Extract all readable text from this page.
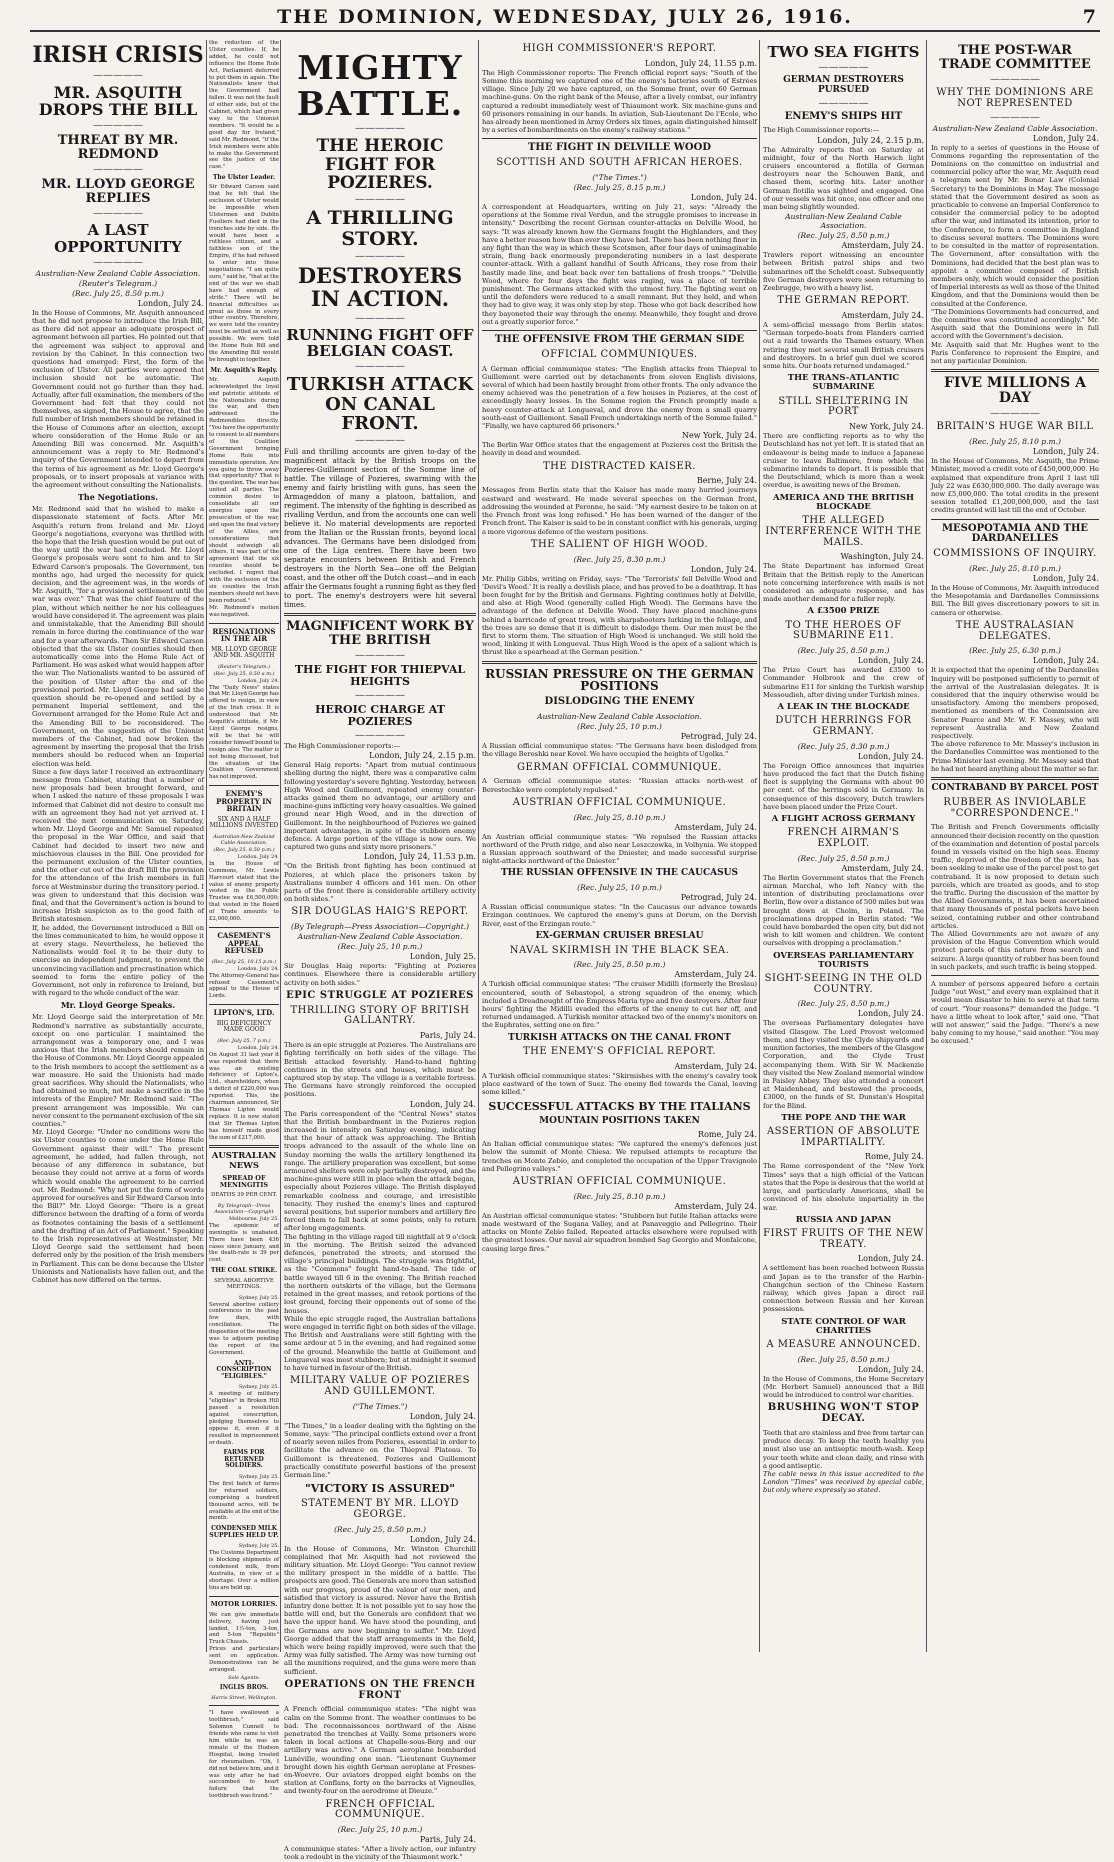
THE DOMINION, WEDNESDAY, JULY 26, 1916.	7
IRISH CRISIS
—————
MR. ASQUITH DROPS THE BILL
—————
THREAT BY MR. REDMOND
—————
MR. LLOYD GEORGE REPLIES
—————
A LAST OPPORTUNITY
—————
Australian-New Zealand Cable Association.
(Reuter's Telegram.)
(Rec. July 25, 8.50 p.m.)
London, July 24.

In the House of Commons, Mr. Asquith announced that he did not propose to introduce the Irish Bill, as there did not appear an adequate prospect of agreement between all parties. He pointed out that the agreement was subject to approval and revision by the Cabinet. In this connection two questions had emerged: First, the form of the exclusion of Ulster. All parties were agreed that inclusion should not be automatic. The Government could not go further than they had. Actually, after full examination, the members of the Government had felt that they could not themselves, as signed, the House to agree, that the full number of Irish members should be retained in the House of Commons after an election, except where consideration of the Home Rule or an Amending Bill was concerned. Mr. Asquith's announcement was a reply to Mr. Redmond's inquiry of the Government intended to depart from the terms of his agreement as Mr. Lloyd George's proposals, or to insert proposals at variance with the agreement without consulting the Nationalists.

The Negotiations.

Mr. Redmond said that he wished to make a dispassionate statement of facts. After Mr. Asquith's return from Ireland and Mr. Lloyd George's negotiations, everyone was thrilled with the hope that the Irish question would be put out of the way until the war had concluded. Mr. Lloyd George's proposals were sent to him and to Sir Edward Carson's proposals. The Government, ten months ago, had urged the necessity for quick decision, and the agreement was, in the words of Mr. Asquith, "for a provisional settlement until the war was over." That was the chief feature of the plan, without which neither he nor his colleagues would have considered it. The agreement was plain and unmistakable, that the Amending Bill should remain in force during the continuance of the war and for a year afterwards. Then Sir Edward Carson objected that the six Ulster counties should then automatically come into the Home Rule Act of Parliament. He was asked what would happen after the war. The Nationalists wanted to be assured of the position of Ulster after the end of the provisional period. Mr. Lloyd George had said the question should be re-opened and settled by a permanent Imperial settlement, and the Government arranged for the Home Rule Act and the Amending Bill to be reconsidered. The Government, on the suggestion of the Unionist members of the Cabinet, had now broken the agreement by inserting the proposal that the Irish members should be reduced when an Imperial election was held.

Since a few days later I received an extraordinary message from Cabinet, stating that a number of new proposals had been brought forward, and when I asked the nature of these proposals I was informed that Cabinet did not desire to consult me with an agreement they had not yet arrived at. I received the next communication on Saturday, when Mr. Lloyd George and Mr. Samuel repeated the proposal in the War Office, and said that Cabinet had decided to insert two new and mischievous clauses in the Bill. One provided for the permanent exclusion of the Ulster counties, and the other cut out of the draft Bill the provision for the attendance of the Irish members in full force at Westminster during the transitory period. I was given to understand that this decision was final, and that the Government's action is bound to increase Irish suspicion as to the good faith of British statesmen.

If, he added, the Government introduced a Bill on the lines communicated to him, he would oppose it at every stage. Nevertheless, he believed the Nationalists would feel it to be their duty to exercise an independent judgment, to prevent the unconvincing vacillation and procrastination which seemed to form the entire policy of the Government, not only in reference to Ireland, but with regard to the whole conduct of the war.

Mr. Lloyd George Speaks.

Mr. Lloyd George said the interpretation of Mr. Redmond's narrative as substantially accurate, except on one particular. I maintained the arrangement was a temporary one, and I was anxious that the Irish members should remain in the House of Commons. Mr. Lloyd George appealed to the Irish members to accept the settlement as a war measure. He said the Unionists had made great sacrifices. Why should the Nationalists, who had obtained so much, not make a sacrifice in the interests of the Empire? Mr. Redmond said: "The present arrangement was impossible. We can never consent to the permanent exclusion of the six counties."

Mr. Lloyd George: "Under no conditions were the six Ulster counties to come under the Home Rule Government against their will." The present agreement, he added, had fallen through, not because of any difference in substance, but because they could not arrive at a form of words which would enable the agreement to be carried out. Mr. Redmond: "Why not put the form of words approved for ourselves and Sir Edward Carson into the Bill?" Mr. Lloyd George: "There is a great difference between the drafting of a form of words as footnotes containing the basis of a settlement and the drafting of an Act of Parliament." Speaking to the Irish representatives at Westminster, Mr. Lloyd George said the settlement had been deferred only by the position of the Irish members in Parliament. This can be done because the Ulster Unionists and Nationalists have fallen out, and the Cabinet has now differed on the terms.

the reduction of the Ulster counties. If, he added, he could not influence the Home Rule Act, Parliament deferred to put them in again. The Nationalists knew that the Government had fallen. It was not the fault of either side, but of the Cabinet, which had given way to the Unionist members. "It would be a good day for Ireland," said Mr. Redmond, "if the Irish members were able to make the Government see the justice of the case."

The Ulster Leader.

Sir Edward Carson said that he felt that the exclusion of Ulster would be impossible when Ulstermen and Dublin Fusiliers had died in the trenches side by side. He would have been a ruthless citizen, and a faithless son of the Empire, if he had refused to enter into these negotiations. "I am quite sure," said he, "that at the end of the war we shall have had enough of strife." There will be financial difficulties as great as those in every other country. Therefore, we were told the country must be settled as well as possible. We were told the Home Rule Bill and the Amending Bill would be brought in together.

Mr. Asquith's Reply.

Mr. Asquith acknowledged the loyal and patriotic attitude of the Nationalists during the war, and then addressed the Redmondites directly. "You have the opportunity to consent to all members of the Coalition Government bringing Home Rule into immediate operation. Are you going to throw away that opportunity? That is the question. The war has united all parties. The common desire to consolidate all our energies upon the prosecution of the war, and upon the final victory of the Allies, are considerations that should outweigh all others. It was part of the agreement that the six counties should be excluded. I regret that with the exclusion of the six counties the Irish members should not have been reduced."

Mr. Redmond's motion was negatived.

RESIGNATIONS IN THE AIR
MR. LLOYD GEORGE AND MR. ASQUITH
(Reuter's Telegram.)
(Rec. July 25, 8.50 a.m.)
London, July 24.

The "Daily News" states that Mr. Lloyd George has offered to resign, in view of the Irish crisis. It is understood that Mr. Asquith's attitude, if Mr. Lloyd George resigns, will be that he will consider himself bound to resign also. The matter is not being discussed, but the situation of the Coalition Government has not improved.

ENEMY'S PROPERTY IN BRITAIN
SIX AND A HALF MILLIONS INVESTED
Australian-New Zealand Cable Association.
(Rec. July 25, 8.50 p.m.)
London, July 24.

In the House of Commons, Mr. Lewis Harcourt stated that the value of enemy property vested in the Public Trustee was £6,500,000; that vested in the Board of Trade amounts to £2,000,000.

CASEMENT'S APPEAL REFUSED
(Rec. July 25, 10.15 p.m.)
London, July 24.

The Attorney-General has refused Casement's appeal to the House of Lords.

LIPTON'S, LTD.
BIG DEFICIENCY MADE GOOD
(Rec. July 25, 7 p.m.)
London, July 24.

On August 31 last year it was reported that there was an existing deficiency of Lipton's, Ltd., shareholders, when a deficit of £220,000 was reported. This, the chairman announced, Sir Thomas Lipton would replace. It is now stated that Sir Thomas Lipton has himself made good the sum of £217,000.

AUSTRALIAN NEWS
SPREAD OF MENINGITIS
DEATHS 39 PER CENT.
By Telegraph—Press Association—Copyright
Melbourne, July 25.

The epidemic of meningitis is unabated. There have been 436 cases since January, and the death-rate is 39 per cent.

THE COAL STRIKE.
SEVERAL ABORTIVE MEETINGS.
Sydney, July 25.

Several abortive colliery conferences in the past few days, with conciliation. The disposition of the meeting was to adjourn pending the report of the Government.

ANTI-CONSCRIPTION "ELIGIBLES."
Sydney, July 25.

A meeting of military "eligibles" in Broken Hill passed a resolution against conscription, pledging themselves to oppose it, even if it resulted in imprisonment or death.

FARMS FOR RETURNED SOLDIERS.
Sydney, July 25.

The first batch of farms for returned soldiers, comprising a hundred thousand acres, will be available at the end of the month.

CONDENSED MILK SUPPLIES HELD UP.
Sydney, July 25.

The Customs Department is blocking shipments of condensed milk, from Australia, in view of a shortage. Over a million tins are held up.

MOTOR LORRIES.

We can give immediate delivery, having just landed, 1½-ton, 3-ton, and 5-ton "Republic" Truck Chassis.

Prices and particulars sent on application. Demonstrations can be arranged.

Sole Agents:
INGLIS BROS.
Harris Street, Wellington.

"I have swallowed a toothbrush," said Solomon Cunnell to friends who came to visit him while he was an inmate of the Hudson Hospital, being treated for rheumatism. "Oh, I did not believe him, and it was only after he had succumbed to heart failure that the toothbrush was found."

MIGHTY BATTLE.
—————
THE HEROIC FIGHT FOR POZIERES.
—————
A THRILLING STORY.
—————
DESTROYERS IN ACTION.
—————
RUNNING FIGHT OFF BELGIAN COAST.
—————
TURKISH ATTACK ON CANAL FRONT.
—————

Full and thrilling accounts are given to-day of the magnificent attack by the British troops on the Pozieres-Guillemont section of the Somme line of battle. The village of Pozieres, swarming with the enemy and fairly bristling with guns, has seen the Armageddon of many a platoon, battalion, and regiment. The intensity of the fighting is described as rivalling Verdun, and from the accounts one can well believe it. No material developments are reported from the Italian or the Russian fronts, beyond local advances. The Germans have been dislodged from one of the Liga centres. There have been two separate encounters between British and French destroyers in the North Sea—one off the Belgian coast, and the other off the Dutch coast—and in each affair the Germans fought a running fight as they fled to port. The enemy's destroyers were hit several times.

MAGNIFICENT WORK BY THE BRITISH
—————
THE FIGHT FOR THIEPVAL HEIGHTS
—————
HEROIC CHARGE AT POZIERES
—————

The High Commissioner reports:—

London, July 24, 2.15 p.m.

General Haig reports: "Apart from mutual continuous shelling during the night, there was a comparative calm following yesterday's severe fighting. Yesterday, between High Wood and Guillemont, repeated enemy counter-attacks gained them no advantage, our artillery and machine-guns inflicting very heavy casualties. We gained ground near High Wood, and in the direction of Guillemont. In the neighbourhood of Pozieres we gained important advantages, in spite of the stubborn enemy defence. A large portion of the village is now ours. We captured two guns and sixty more prisoners."

London, July 24, 11.53 p.m.

"On the British front fighting has been continued at Pozieres, at which place the prisoners taken by Australians number 4 officers and 161 men. On other parts of the front there is considerable artillery activity on both sides."

SIR DOUGLAS HAIG'S REPORT.
(By Telegraph—Press Association—Copyright.)
Australian-New Zealand Cable Association.
(Rec. July 25, 10 p.m.)
London, July 25.

Sir Douglas Haig reports: "Fighting at Pozieres continues. Elsewhere there is considerable artillery activity on both sides."

EPIC STRUGGLE AT POZIERES
THRILLING STORY OF BRITISH GALLANTRY.
Paris, July 24.

There is an epic struggle at Pozieres. The Australians are fighting terrifically on both sides of the village. The British attacked feverishly. Hand-to-hand fighting continues in the streets and houses, which must be captured step by step. The village is a veritable fortress. The Germans have strongly reinforced the occupied positions.

London, July 24.

The Paris correspondent of the "Central News" states that the British bombardment in the Pozieres region increased in intensity on Saturday evening, indicating that the hour of attack was approaching. The British troops advanced to the assault of the whole line on Sunday morning the walls the artillery lengthened its range. The artillery preparation was excellent, but some armoured shelters were only partially destroyed, and the machine-guns were still in place when the attack began, especially about Pozieres village. The British displayed remarkable coolness and courage, and irresistible tenacity. They rushed the enemy's lines and captured several positions, but superior numbers and artillery fire forced them to fall back at some points, only to return after long engagements.

The fighting in the village raged till nightfall at 9 o'clock in the morning. The British seized the advanced defences, penetrated the streets, and stormed the village's principal buildings. The struggle was frightful, as the "Commons" fought hand-to-hand. The tide of battle swayed till 6 in the evening. The British reached the northern outskirts of the village, but the Germans retained in the great masses, and retook portions of the lost ground, forcing their opponents out of some of the houses.

While the epic struggle raged, the Australian battalions were engaged in terrific fight on both sides of the village. The British and Australians were still fighting with the same ardour at 5 in the evening, and had regained some of the ground. Meanwhile the battle at Guillemont and Longueval was most stubborn; but at midnight it seemed to have turned in favour of the British.

MILITARY VALUE OF POZIERES AND GUILLEMONT.
("The Times.")
London, July 24.

"The Times," in a leader dealing with the fighting on the Somme, says: "The principal conflicts extend over a front of nearly seven miles from Pozieres, essential in order to facilitate the advance on the Thiepval Plateau. To Guillemont is threatened. Pozieres and Guillemont practically constitute powerful bastions of the present German line."

"VICTORY IS ASSURED"
STATEMENT BY MR. LLOYD GEORGE.
(Rec. July 25, 8.50 p.m.)
London, July 24.

In the House of Commons, Mr. Winston Churchill complained that Mr. Asquith had not reviewed the military situation. Mr. Lloyd George: "You cannot review the military prospect in the middle of a battle. The prospects are good. The Generals are more than satisfied with our progress, proud of the valour of our men, and satisfied that victory is assured. Never have the British infantry done better. It is not possible yet to say how the battle will end, but the Generals are confident that we have the upper hand. We have stood the pounding, and the Germans are now beginning to suffer." Mr. Lloyd George added that the staff arrangements in the field, which were being rapidly improved, were such that the Army was fully satisfied. The Army was now turning out all the munitions required, and the guns were more than sufficient.

OPERATIONS ON THE FRENCH FRONT

A French official communique states: "The night was calm on the Somme front. The weather continues to be bad. The reconnaissances northward of the Aisne penetrated the trenches at Vailly. Some prisoners were taken in local actions at Chapelle-sous-Berg and our artillery was active." A German aeroplane bombarded Lunéville, wounding one man. "Lieutenant Guynemer brought down his eighth German aeroplane at Fresnes-en-Woevre. Our aviators dropped eight bombs on the station at Conflans, forty on the barracks at Vigneulles, and twenty-four on the aerodrome at Dieuze."

FRENCH OFFICIAL COMMUNIQUE.
(Rec. July 25, 10 p.m.)
Paris, July 24.

A communique states: "After a lively action, our infantry took a redoubt in the vicinity of the Thiaumont work."

HIGH COMMISSIONER'S REPORT.
London, July 24, 11.55 p.m.

The High Commissioner reports: The French official report says: "South of the Somme this morning we captured one of the enemy's batteries south of Estrées village. Since July 20 we have captured, on the Somme front, over 60 German machine-guns. On the right bank of the Meuse, after a lively combat, our infantry captured a redoubt immediately west of Thiaumont work. Six machine-guns and 60 prisoners remaining in our hands. In aviation, Sub-Lieutenant De l'Ecole, who has already been mentioned in Army Orders six times, again distinguished himself by a series of bombardments on the enemy's railway stations."

THE FIGHT IN DELVILLE WOOD
SCOTTISH AND SOUTH AFRICAN HEROES.
("The Times.")
(Rec. July 25, 8.15 p.m.)
London, July 24.

A correspondent at Headquarters, writing on July 21, says: "Already the operations at the Somme rival Verdun, and the struggle promises to increase in intensity." Describing the recent German counter-attacks on Delville Wood, he says: "It was already known how the Germans fought the Highlanders, and they have a better reason how than ever they have had. There has been nothing finer in any fight than the way in which these Scotsmen, after four days of unimaginable strain, flung back enormously preponderating numbers in a last desperate counter-attack. With a gallant handful of South Africans, they rose from their hastily made line, and beat back over ten battalions of fresh troops." "Delville Wood, where for four days the fight was raging, was a place of terrible punishment. The Germans attacked with the utmost fury. The fighting went on until the defenders were reduced to a small remnant. But they held, and when they had to give way, it was only step by step. Those who got back described how they bayoneted their way through the enemy. Meanwhile, they fought and drove out a greatly superior force."

THE OFFENSIVE FROM THE GERMAN SIDE
OFFICIAL COMMUNIQUES.

A German official communique states: "The English attacks from Thiepval to Guillemont were carried out by detachments from eleven English divisions, several of which had been hastily brought from other fronts. The only advance the enemy achieved was the penetration of a few houses in Pozieres, at the cost of exceedingly heavy losses. In the Somme region the French promptly made a heavy counter-attack at Longueval, and drove the enemy from a small quarry south-east of Guillemont. Small French undertakings north of the Somme failed." "Finally, we have captured 66 prisoners."

New York, July 24.

The Berlin War Office states that the engagement at Pozieres cost the British the heavily in dead and wounded.

THE DISTRACTED KAISER.
Berne, July 24.

Messages from Berlin state that the Kaiser has made many hurried journeys eastward and westward. He made several speeches on the German front, addressing the wounded at Peronne, he said: "My earnest desire to be taken on at the French front was long refused." He has been warned of the danger of the French front. The Kaiser is said to be in constant conflict with his generals, urging a more vigorous defence of the western positions.

THE SALIENT OF HIGH WOOD.
(Rec. July 25, 8.30 p.m.)
London, July 24.

Mr. Philip Gibbs, writing on Friday, says: "The 'Terrorists' fell Delville Wood and 'Devil's Wood.' It is really a devilish place, and has proved to be a deathtrap. It has been fought for by the British and Germans. Fighting continues hotly at Delville, and also at High Wood (generally called High Wood). The Germans have the advantage of the defence at Delville Wood. They have placed machine-guns behind a barricade of great trees, with sharpshooters lurking in the foliage, and the trees are so dense that it is difficult to dislodge them. Our men must be the first to storm them. The situation of High Wood is unchanged. We still hold the wood, linking it with Longueval. Thus High Wood is the apex of a salient which is thrust like a spearhead at the German position."

RUSSIAN PRESSURE ON THE GERMAN POSITIONS
DISLODGING THE ENEMY
Australian-New Zealand Cable Association.
(Rec. July 25, 10 p.m.)
Petrograd, July 24.

A Russian official communique states: "The Germans have been dislodged from the village Bereshki near Kovel. We have occupied the heights of Ugolka."

GERMAN OFFICIAL COMMUNIQUE.

A German official communique states: "Russian attacks north-west of Berestechko were completely repulsed."

AUSTRIAN OFFICIAL COMMUNIQUE.
(Rec. July 25, 8.10 p.m.)
Amsterdam, July 24.

An Austrian official communique states: "We repulsed the Russian attacks northward of the Pruth ridge, and also near Leszczowka, in Volhynia. We stopped a Russian approach southward of the Dniester, and made successful surprise night-attacks northward of the Dniester."

THE RUSSIAN OFFENSIVE IN THE CAUCASUS
(Rec. July 25, 10 p.m.)
Petrograd, July 24.

A Russian official communique states: "In the Caucasus our advance towards Erzingan continues. We captured the enemy's guns at Dorum, on the Dervish River, east of the Erzingan route."

EX-GERMAN CRUISER BRESLAU
NAVAL SKIRMISH IN THE BLACK SEA.
(Rec. July 25, 8.50 p.m.)
Amsterdam, July 24.

A Turkish official communique states: "The cruiser Midilli (formerly the Breslau) encountered, south of Sebastopol, a strong squadron of the enemy, which included a Dreadnought of the Empress Maria type and five destroyers. After four hours' fighting the Midilli evaded the efforts of the enemy to cut her off, and returned undamaged. A Turkish monitor attacked two of the enemy's monitors on the Euphrates, setting one on fire."

TURKISH ATTACKS ON THE CANAL FRONT
THE ENEMY'S OFFICIAL REPORT.
Amsterdam, July 24.

A Turkish official communique states: "Skirmishes with the enemy's cavalry took place eastward of the town of Suez. The enemy fled towards the Canal, leaving some killed."

SUCCESSFUL ATTACKS BY THE ITALIANS
MOUNTAIN POSITIONS TAKEN
Rome, July 24.

An Italian official communique states: "We captured the enemy's defences just below the summit of Monte Chiesa. We repulsed attempts to recapture the trenches on Monte Zebio, and completed the occupation of the Upper Travignolo and Pellegrino valleys."

AUSTRIAN OFFICIAL COMMUNIQUE.
(Rec. July 25, 8.10 p.m.)
Amsterdam, July 24.

An Austrian official communique states: "Stubborn but futile Italian attacks were made westward of the Sugana Valley, and at Panaveggio and Pellegrino. Their attacks on Monte Zebio failed. Repeated attacks elsewhere were repulsed with the greatest losses. Our naval air squadron bombed Sag Georgio and Monfalcone, causing large fires."

TWO SEA FIGHTS
—————
GERMAN DESTROYERS PURSUED
—————
ENEMY'S SHIPS HIT

The High Commissioner reports:—

London, July 24, 2.15 p.m.

The Admiralty reports that on Saturday at midnight, four of the North Harwich light cruisers encountered a flotilla of German destroyers near the Schouwen Bank, and chased them, scoring hits. Later another German flotilla was sighted and engaged. One of our vessels was hit once, one officer and one man being slightly wounded.

Australian-New Zealand Cable Association.
(Rec. July 25, 8.50 p.m.)
Amsterdam, July 24.

Trawlers report witnessing an encounter between British patrol ships and two submarines off the Scheldt coast. Subsequently five German destroyers were seen returning to Zeebrugge, two with a heavy list.

THE GERMAN REPORT.
Amsterdam, July 24.

A semi-official message from Berlin states: "German torpedo-boats from Flanders carried out a raid towards the Thames estuary. When retiring they met several small British cruisers and destroyers. In a brief gun duel we scored some hits. Our boats returned undamaged."

THE TRANS-ATLANTIC SUBMARINE
STILL SHELTERING IN PORT
New York, July 24.

There are conflicting reports as to why the Deutschland has not yet left. It is stated that an endeavour is being made to induce a Japanese cruiser to leave Baltimore, from which the submarine intends to depart. It is possible that the Deutschland, which is more than a week overdue, is awaiting news of the Bremen.

AMERICA AND THE BRITISH BLOCKADE
THE ALLEGED INTERFERENCE WITH THE MAILS.
Washington, July 24.

The State Department has informed Great Britain that the British reply to the American note concerning interference with mails is not considered an adequate response, and has made another demand for a fuller reply.

A £3500 PRIZE
TO THE HEROES OF SUBMARINE E11.
(Rec. July 25, 8.50 p.m.)
London, July 24.

The Prize Court has awarded £3500 to Commander Holbrook and the crew of submarine E11 for sinking the Turkish warship Messoudieh, after diving under Turkish mines.

A LEAK IN THE BLOCKADE
DUTCH HERRINGS FOR GERMANY.
(Rec. July 25, 8.30 p.m.)
London, July 24.

The Foreign Office announces that inquiries have produced the fact that the Dutch fishing fleet is supplying the Germans with about 90 per cent. of the herrings sold in Germany. In consequence of this discovery, Dutch trawlers have been placed under the Prize Court.

A FLIGHT ACROSS GERMANY
FRENCH AIRMAN'S EXPLOIT.
(Rec. July 25, 8.50 p.m.)
Amsterdam, July 24.

The Berlin Government states that the French airman Marchal, who left Nancy with the intention of distributing proclamations over Berlin, flew over a distance of 500 miles but was brought down at Cholm, in Poland. The proclamations dropped in Berlin stated: "We could have bombarded the open city, but did not wish to kill women and children. We content ourselves with dropping a proclamation."

OVERSEAS PARLIAMENTARY TOURISTS
SIGHT-SEEING IN THE OLD COUNTRY.
(Rec. July 25, 8.50 p.m.)
London, July 24.

The overseas Parliamentary delegates have visited Glasgow. The Lord Provost welcomed them, and they visited the Clyde shipyards and munition factories, the members of the Glasgow Corporation, and the Clyde Trust accompanying them. With Sir W. Mackenzie they visited the New Zealand memorial window in Paisley Abbey. They also attended a concert at Maidenhead, and bestowed the proceeds, £3000, on the funds of St. Dunstan's Hospital for the Blind.

THE POPE AND THE WAR
ASSERTION OF ABSOLUTE IMPARTIALITY.
Rome, July 24.

The Rome correspondent of the "New York Times" says that a high official of the Vatican states that the Pope is desirous that the world at large, and particularly Americans, shall be convinced of his absolute impartiality in the war.

RUSSIA AND JAPAN
FIRST FRUITS OF THE NEW TREATY.
London, July 24.

A settlement has been reached between Russia and Japan as to the transfer of the Harbin-Changchun section of the Chinese Eastern railway, which gives Japan a direct rail connection between Russia and her Korean possessions.

STATE CONTROL OF WAR CHARITIES
A MEASURE ANNOUNCED.
(Rec. July 25, 8.50 p.m.)
London, July 24.

In the House of Commons, the Home Secretary (Mr. Herbert Samuel) announced that a Bill would be introduced to control war charities.

BRUSHING WON'T STOP DECAY.

Teeth that are stainless and free from tartar can produce decay. To keep the teeth healthy you must also use an antiseptic mouth-wash. Keep your teeth white and clean daily, and rinse with a good antiseptic.

The cable news in this issue accredited to the London "Times" was received by special cable, but only where expressly so stated.

THE POST-WAR TRADE COMMITTEE
—————
WHY THE DOMINIONS ARE NOT REPRESENTED
—————
Australian-New Zealand Cable Association.
London, July 24.

In reply to a series of questions in the House of Commons regarding the representation of the Dominions on the committee on industrial and commercial policy after the war, Mr. Asquith read a telegram sent by Mr. Bonar Law (Colonial Secretary) to the Dominions in May. The message stated that the Government desired as soon as practicable to convene an Imperial Conference to consider the commercial policy to be adopted after the war, and intimated its intention, prior to the Conference, to form a committee in England to discuss several matters. The Dominions were to be consulted in the matter of representation. The Government, after consultation with the Dominions, had decided that the best plan was to appoint a committee composed of British members only, which would consider the position of Imperial interests as well as those of the United Kingdom, and that the Dominions would then be consulted at the Conference.

"The Dominions Governments had concurred, and the committee was constituted accordingly." Mr. Asquith said that the Dominions were in full accord with the Government's decision.

Mr. Asquith said that Mr. Hughes went to the Paris Conference to represent the Empire, and not any particular Dominion.

FIVE MILLIONS A DAY
—————
BRITAIN'S HUGE WAR BILL
(Rec. July 25, 8.10 p.m.)
London, July 24.

In the House of Commons, Mr. Asquith, the Prime Minister, moved a credit vote of £450,000,000. He explained that expenditure from April 1 last till July 22 was £630,000,000. The daily average was now £5,000,000. The total credits in the present session totalled £1,200,000,000, and the last credits granted will last till the end of October.

MESOPOTAMIA AND THE DARDANELLES
COMMISSIONS OF INQUIRY.
(Rec. July 25, 8.10 p.m.)
London, July 24.

In the House of Commons, Mr. Asquith introduced the Mesopotamia and Dardanelles Commissions Bill. The Bill gives discretionary powers to sit in camera or otherwise.

THE AUSTRALASIAN DELEGATES.
(Rec. July 25, 6.30 p.m.)
London, July 24.

It is expected that the opening of the Dardanelles Inquiry will be postponed sufficiently to permit of the arrival of the Australasian delegates. It is considered that the inquiry otherwise would be unsatisfactory. Among the members proposed, mentioned as members of the Commission are Senator Pearce and Mr. W. F. Massey, who will represent Australia and New Zealand respectively.

The above reference to Mr. Massey's inclusion in the Dardanelles Committee was mentioned to the Prime Minister last evening. Mr. Massey said that he had not heard anything about the matter so far.

CONTRABAND BY PARCEL POST
RUBBER AS INVIOLABLE "CORRESPONDENCE."

The British and French Governments officially announced their decision recently on the question of the examination and detention of postal parcels found in vessels visited on the high seas. Enemy traffic, deprived of the freedom of the seas, has been seeking to make use of the parcel post to get contraband. It is now proposed to detain such parcels, which are treated as goods, and to stop the traffic. During the discussion of the matter by the Allied Governments, it has been ascertained that many thousands of postal packets have been seized, containing rubber and other contraband articles.

The Allied Governments are not aware of any provision of the Hague Convention which would protect parcels of this nature from search and seizure. A large quantity of rubber has been found in such packets, and such traffic is being stopped.

A number of persons appeared before a certain Judge "out West," and every man explained that it would mean disaster to him to serve at that term of court. "Your reasons?" demanded the Judge. "I have a little wheat to look after," said one. "That will not answer," said the Judge. "There's a new baby coming to my house," said another. "You may be excused."
